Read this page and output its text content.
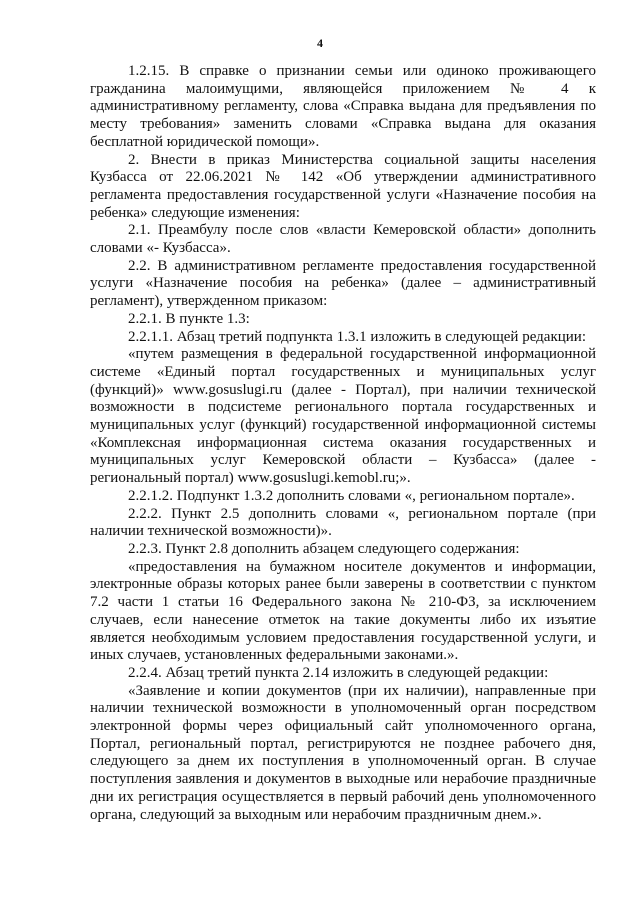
4

1.2.15. В справке о признании семьи или одиноко проживающего гражданина малоимущими, являющейся приложением № 4 к административному регламенту, слова «Справка выдана для предъявления по месту требования» заменить словами «Справка выдана для оказания бесплатной юридической помощи».

2. Внести в приказ Министерства социальной защиты населения Кузбасса от 22.06.2021 № 142 «Об утверждении административного регламента предоставления государственной услуги «Назначение пособия на ребенка» следующие изменения:

2.1. Преамбулу после слов «власти Кемеровской области» дополнить словами «- Кузбасса».

2.2. В административном регламенте предоставления государственной услуги «Назначение пособия на ребенка» (далее – административный регламент), утвержденном приказом:

2.2.1. В пункте 1.3:

2.2.1.1. Абзац третий подпункта 1.3.1 изложить в следующей редакции:

«путем размещения в федеральной государственной информационной системе «Единый портал государственных и муниципальных услуг (функций)» www.gosuslugi.ru (далее - Портал), при наличии технической возможности в подсистеме регионального портала государственных и муниципальных услуг (функций) государственной информационной системы «Комплексная информационная система оказания государственных и муниципальных услуг Кемеровской области – Кузбасса» (далее - региональный портал) www.gosuslugi.kemobl.ru;».

2.2.1.2. Подпункт 1.3.2 дополнить словами «, региональном портале».

2.2.2. Пункт 2.5 дополнить словами «, региональном портале (при наличии технической возможности)».

2.2.3. Пункт 2.8 дополнить абзацем следующего содержания:

«предоставления на бумажном носителе документов и информации, электронные образы которых ранее были заверены в соответствии с пунктом 7.2 части 1 статьи 16 Федерального закона № 210-ФЗ, за исключением случаев, если нанесение отметок на такие документы либо их изъятие является необходимым условием предоставления государственной услуги, и иных случаев, установленных федеральными законами.».

2.2.4. Абзац третий пункта 2.14 изложить в следующей редакции:

«Заявление и копии документов (при их наличии), направленные при наличии технической возможности в уполномоченный орган посредством электронной формы через официальный сайт уполномоченного органа, Портал, региональный портал, регистрируются не позднее рабочего дня, следующего за днем их поступления в уполномоченный орган. В случае поступления заявления и документов в выходные или нерабочие праздничные дни их регистрация осуществляется в первый рабочий день уполномоченного органа, следующий за выходным или нерабочим праздничным днем.».
